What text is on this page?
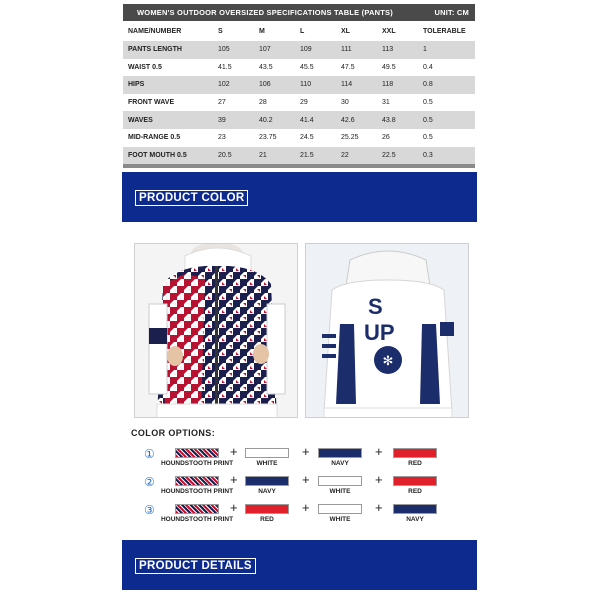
WOMEN'S OUTDOOR OVERSIZED SPECIFICATIONS TABLE (PANTS)	UNIT: CM
NAME/NUMBER	S	M	L	XL	XXL	TOLERABLE
PANTS LENGTH	105	107	109	111	113	1
WAIST 0.5	41.5	43.5	45.5	47.5	49.5	0.4
HIPS	102	106	110	114	118	0.8
FRONT WAVE	27	28	29	30	31	0.5
WAVES	39	40.2	41.4	42.6	43.8	0.5
MID-RANGE 0.5	23	23.75	24.5	25.25	26	0.5
FOOT MOUTH 0.5	20.5	21	21.5	22	22.5	0.3
PRODUCT COLOR
✻
S
UP
COLOR OPTIONS:
①	+	+	+
HOUNDSTOOTH PRINT	WHITE	NAVY	RED
②	+	+	+
HOUNDSTOOTH PRINT	NAVY	WHITE	RED
③	+	+	+
HOUNDSTOOTH PRINT	RED	WHITE	NAVY
PRODUCT DETAILS
